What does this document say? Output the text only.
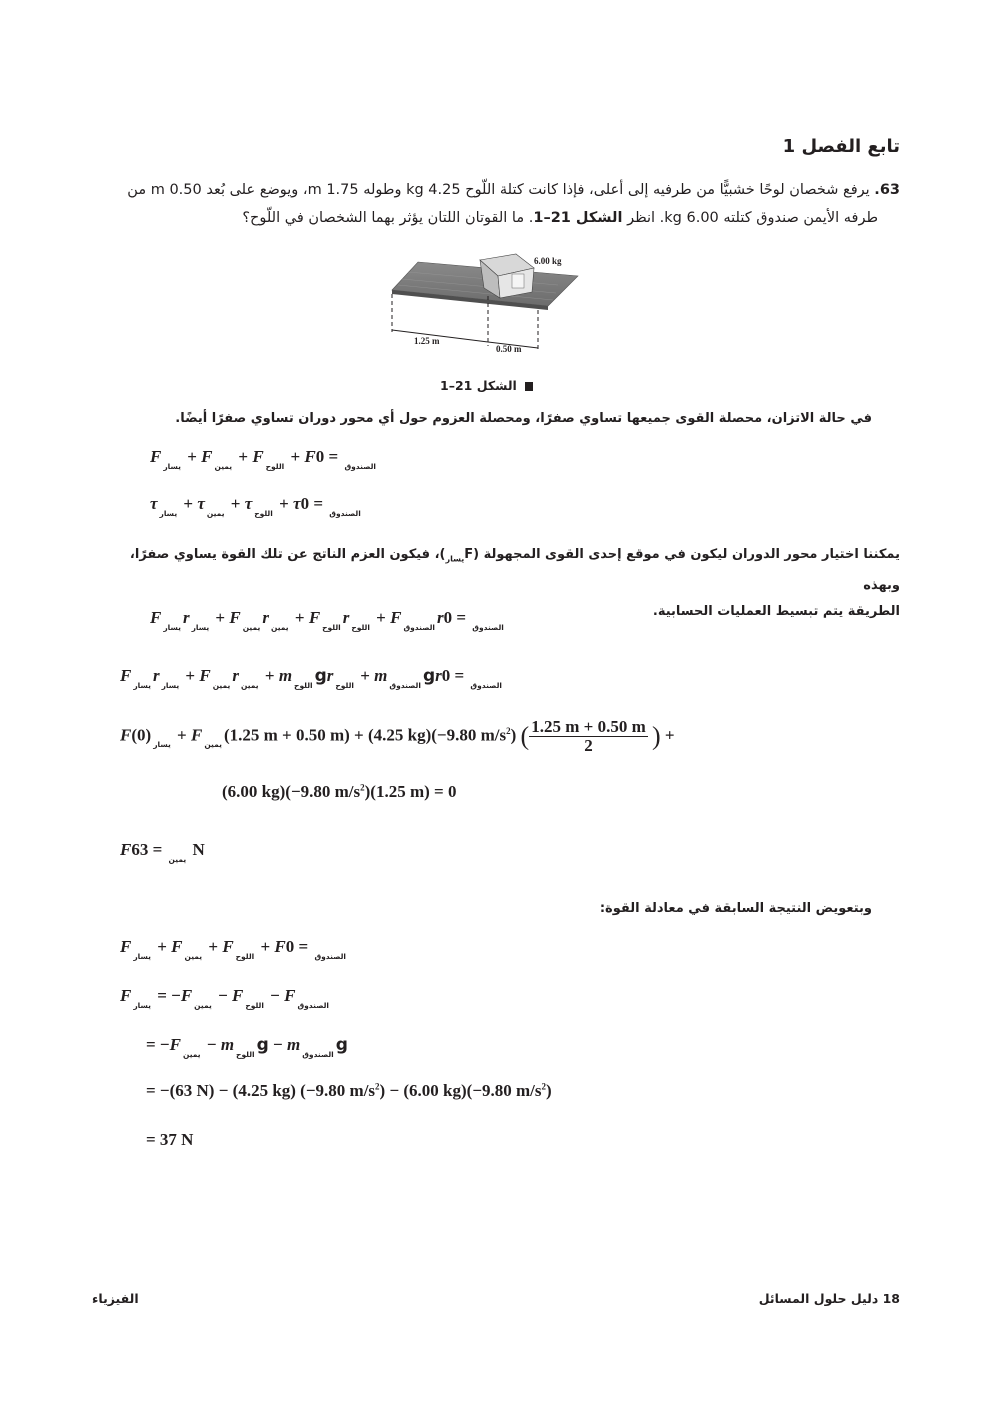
تابع الفصل 1
63. يرفع شخصان لوحًا خشبيًّا من طرفيه إلى أعلى، فإذا كانت كتلة اللّوح 4.25 kg وطوله 1.75 m، ويوضع على بُعد 0.50 m من
طرفه الأيمن صندوق كتلته 6.00 kg. انظر الشكل 21–1. ما القوتان اللتان يؤثر بهما الشخصان في اللّوح؟
6.00 kg
1.25 m
0.50 m
الشكل 21–1
في حالة الاتزان، محصلة القوى جميعها تساوي صفرًا، ومحصلة العزوم حول أي محور دوران تساوي صفرًا أيضًا.
$F_{يسار} + F_{يمين} + F_{اللوح} + F_{الصندوق} = 0$
$\tau_{يسار} + \tau_{يمين} + \tau_{اللوح} + \tau_{الصندوق} = 0$
يمكننا اختيار محور الدوران ليكون في موقع إحدى القوى المجهولة $(F_{يسار})،$ فيكون العزم الناتج عن تلك القوة يساوي صفرًا، وبهذه
الطريقة يتم تبسيط العمليات الحسابية.
$F_{يسار}r_{يسار} + F_{يمين}r_{يمين} + F_{اللوح}r_{اللوح} + F_{الصندوق}r_{الصندوق} = 0$
$F_{يسار}r_{يسار} + F_{يمين}r_{يمين} + m_{اللوح}$ $gr_{اللوح} + m_{الصندوق}$ $gr_{الصندوق} = 0$
$F_{يسار}(0) + F_{يمين}(1.25$ m + 0.50 m) + (4.25 kg)(−9.80 $m/s^2$) ( $\frac{1.25 m + 0.50 m}{2}$ ) +
(6.00 kg)(−9.80 $m/s^2)(1.25$ m) = 0
$F_{يمين} = 63$ N
وبتعويض النتيجة السابقة في معادلة القوة:
$F_{يسار} + F_{يمين} + F_{اللوح} + F_{الصندوق} = 0$
$F_{يسار} = -F_{يمين} - F_{اللوح} - F_{الصندوق}$
= $-F_{يمين} - m_{اللوح}$ $g - m_{الصندوق}$ g
= −(63 N) − (4.25 kg) (−9.80 $m/s^2) - (6.00$ kg)(−9.80 $m/s^2$)
= 37 N
الفيزياء	18 دليل حلول المسائل
